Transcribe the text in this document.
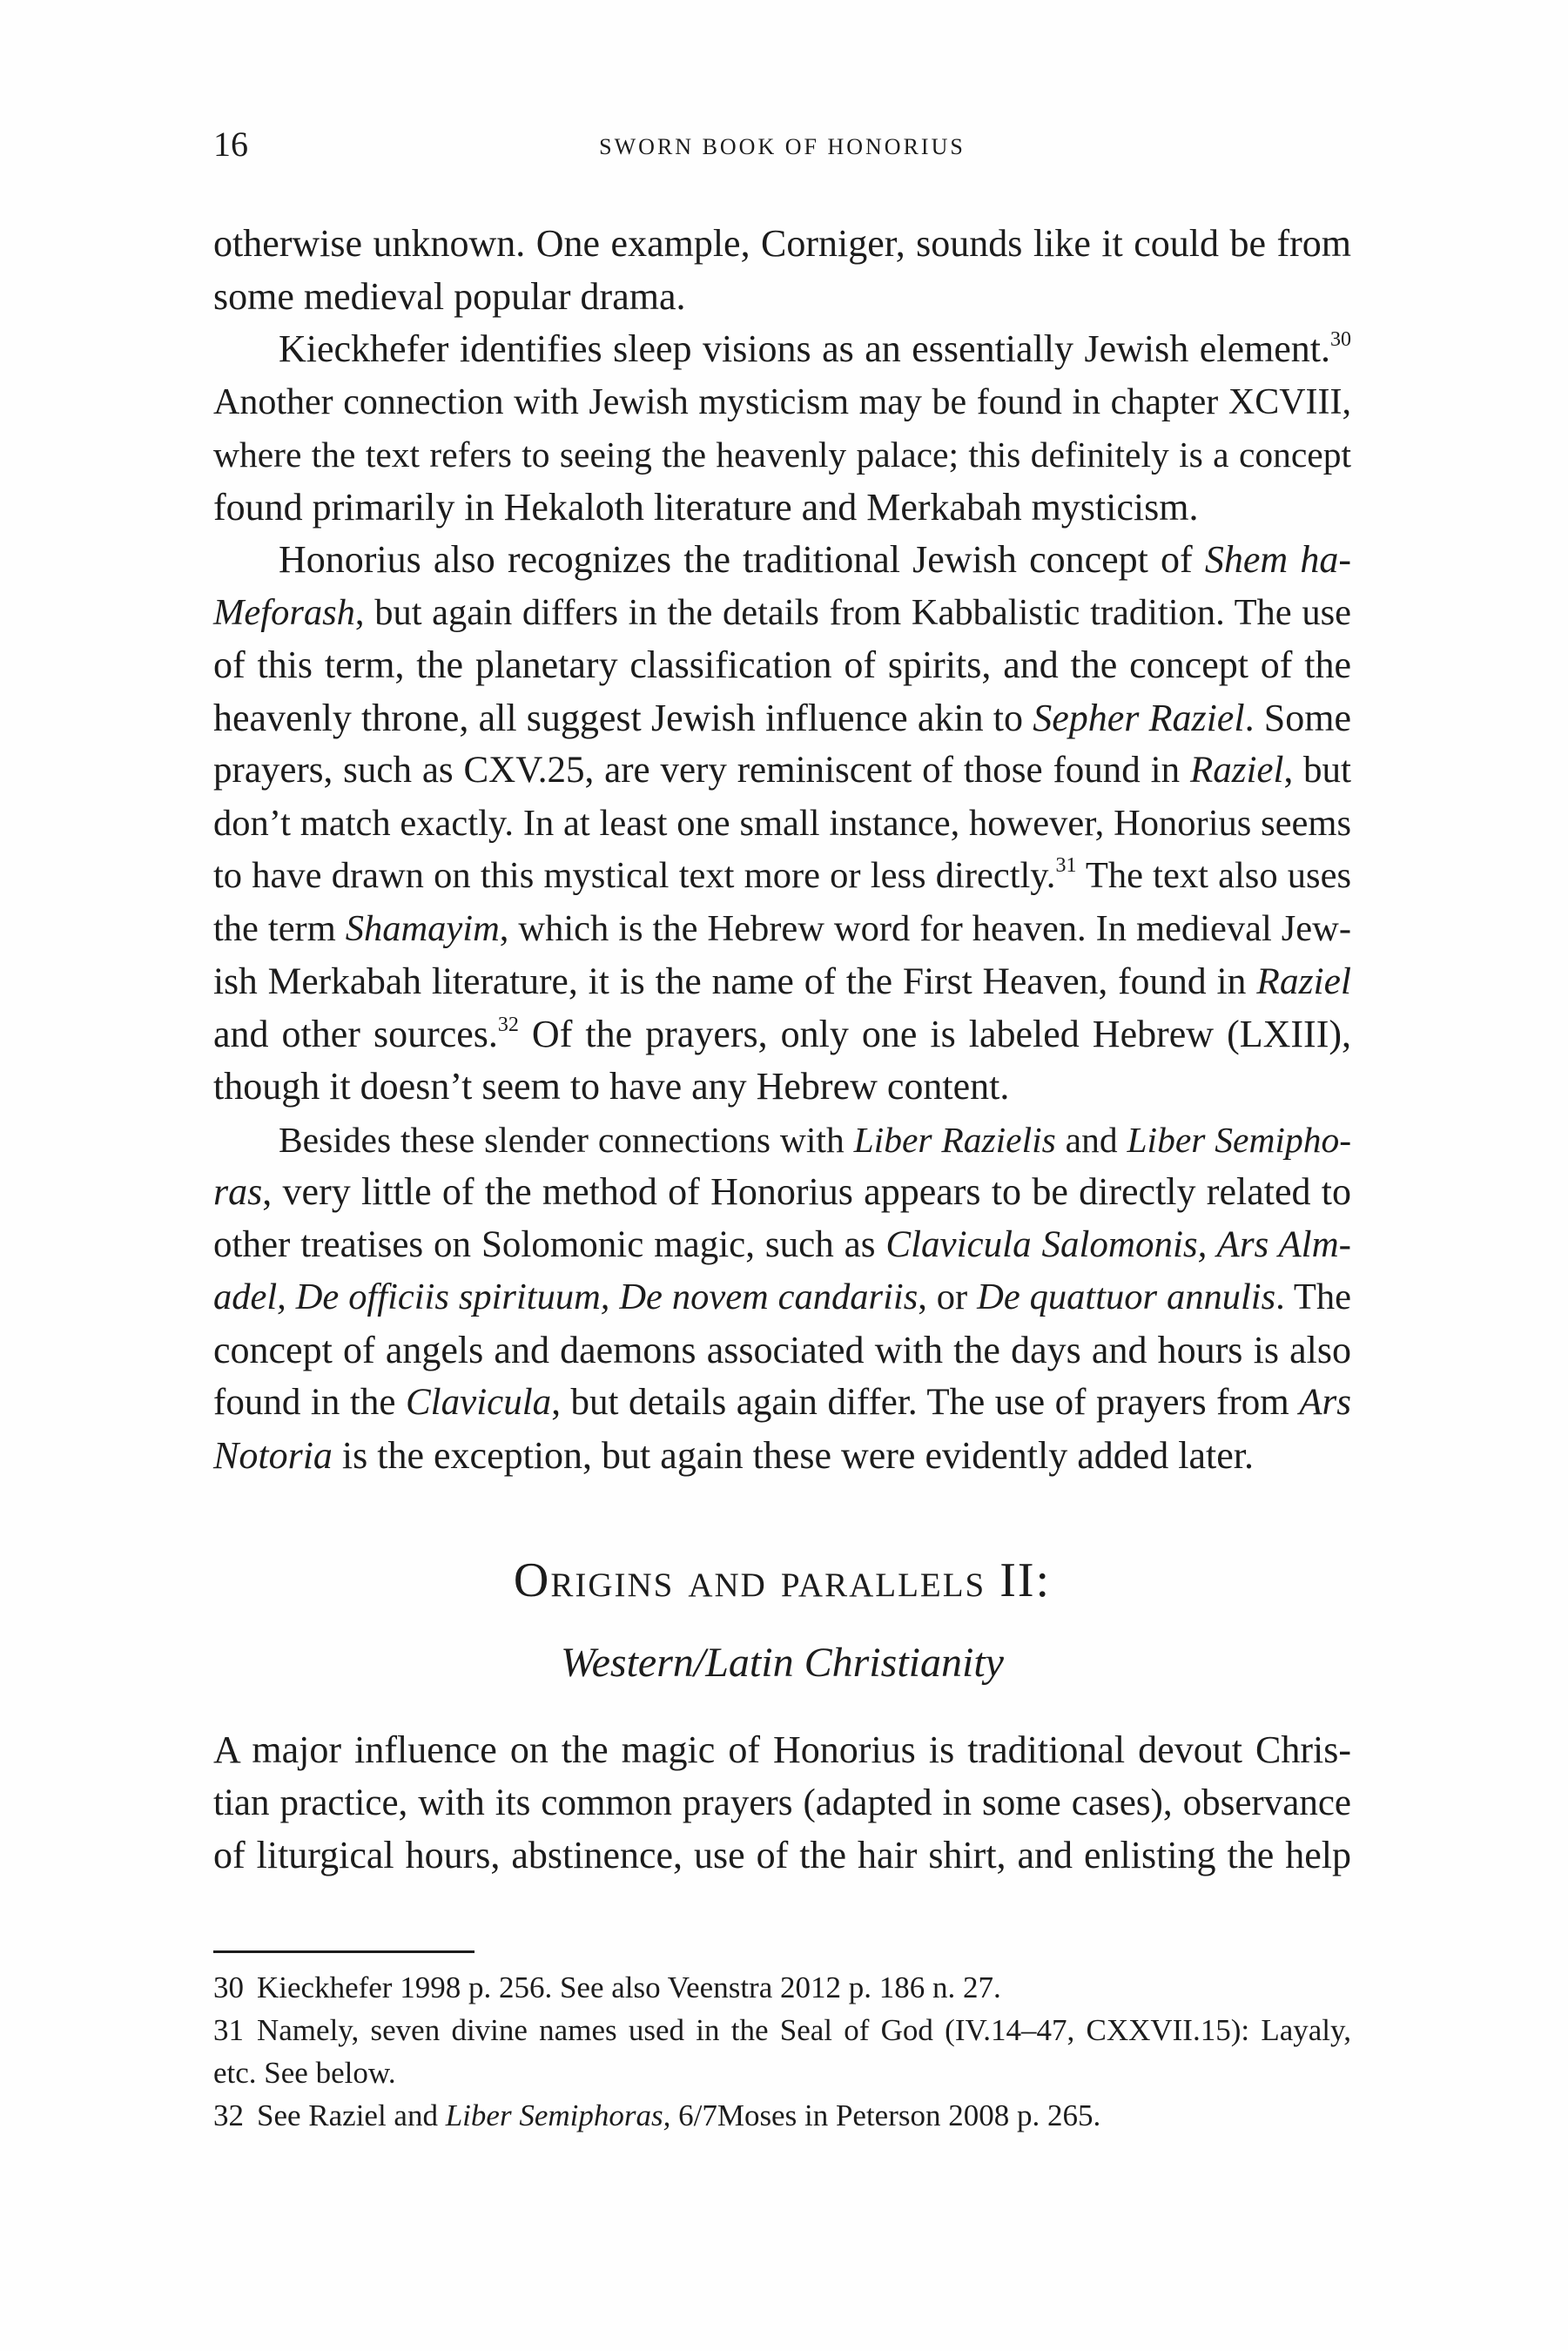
16	SWORN BOOK OF HONORIUS
otherwise unknown. One example, Corniger, sounds like it could be from
some medieval popular drama.
Kieckhefer identifies sleep visions as an essentially Jewish element.$^{30}$
Another connection with Jewish mysticism may be found in chapter XCVIII,
where the text refers to seeing the heavenly palace; this definitely is a concept
found primarily in Hekaloth literature and Merkabah mysticism.
Honorius also recognizes the traditional Jewish concept of Shem ha-
Meforash, but again differs in the details from Kabbalistic tradition. The use
of this term, the planetary classification of spirits, and the concept of the
heavenly throne, all suggest Jewish influence akin to Sepher Raziel. Some
prayers, such as CXV.25, are very reminiscent of those found in Raziel, but
don’t match exactly. In at least one small instance, however, Honorius seems
to have drawn on this mystical text more or less directly.$^{31}$ The text also uses
the term Shamayim, which is the Hebrew word for heaven. In medieval Jew-
ish Merkabah literature, it is the name of the First Heaven, found in Raziel
and other sources.$^{32}$ Of the prayers, only one is labeled Hebrew (LXIII),
though it doesn’t seem to have any Hebrew content.
Besides these slender connections with Liber Razielis and Liber Semipho-
ras, very little of the method of Honorius appears to be directly related to
other treatises on Solomonic magic, such as Clavicula Salomonis, Ars Alm-
adel, De officiis spirituum, De novem candariis, or De quattuor annulis. The
concept of angels and daemons associated with the days and hours is also
found in the Clavicula, but details again differ. The use of prayers from Ars
Notoria is the exception, but again these were evidently added later.
Origins and parallels II:
Western/Latin Christianity
A major influence on the magic of Honorius is traditional devout Chris-
tian practice, with its common prayers (adapted in some cases), observance
of liturgical hours, abstinence, use of the hair shirt, and enlisting the help
30 Kieckhefer 1998 p. 256. See also Veenstra 2012 p. 186 n. 27.
31 Namely, seven divine names used in the Seal of God (IV.14–47, CXXVII.15): Layaly,
etc. See below.
32 See Raziel and Liber Semiphoras, 6/7Moses in Peterson 2008 p. 265.
